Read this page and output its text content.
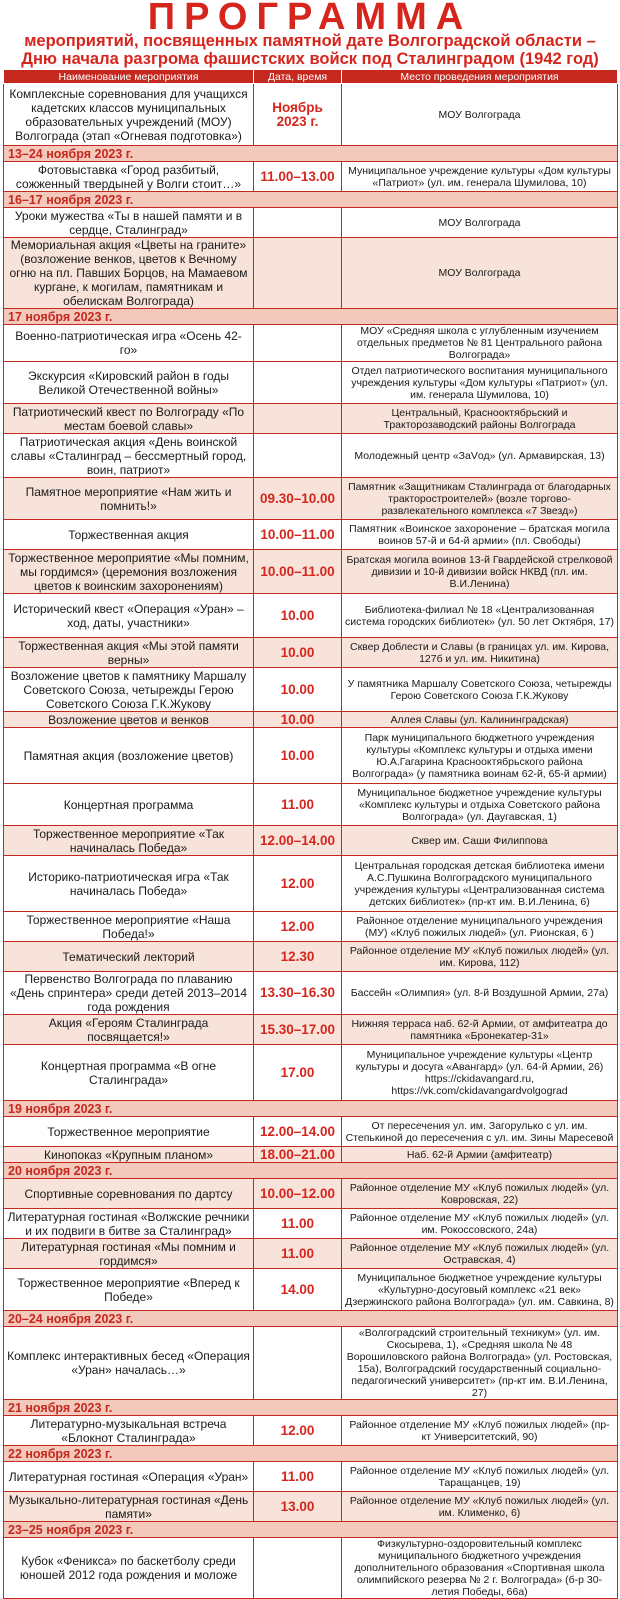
ПРОГРАММА
мероприятий, посвященных памятной дате Волгоградской области –
Дню начала разгрома фашистских войск под Сталинградом (1942 год)
Наименование мероприятия	Дата, время	Место проведения мероприятия
Комплексные соревнования для учащихся кадетских классов муниципальных образовательных учреждений (МОУ) Волгограда (этап «Огневая подготовка»)	Ноябрь 2023 г.	МОУ Волгограда
13–24 ноября 2023 г.		
Фотовыставка «Город разбитый, сожженный твердыней у Волги стоит…»	11.00–13.00	Муниципальное учреждение культуры «Дом культуры «Патриот» (ул. им. генерала Шумилова, 10)
16–17 ноября 2023 г.		
Уроки мужества «Ты в нашей памяти и в сердце, Сталинград»		МОУ Волгограда
Мемориальная акция «Цветы на граните» (возложение венков, цветов к Вечному огню на пл. Павших Борцов, на Мамаевом кургане, к могилам, памятникам и обелискам Волгограда)		МОУ Волгограда
17 ноября 2023 г.		
Военно-патриотическая игра «Осень 42-го»		МОУ «Средняя школа с углубленным изучением отдельных предметов № 81 Центрального района Волгограда»
Экскурсия «Кировский район в годы Великой Отечественной войны»		Отдел патриотического воспитания муниципального учреждения культуры «Дом культуры «Патриот» (ул. им. генерала Шумилова, 10)
Патриотический квест по Волгограду «По местам боевой славы»		Центральный, Краснооктябрьский и Тракторозаводский районы Волгограда
Патриотическая акция «День воинской славы «Сталинград – бессмертный город, воин, патриот»		Молодежный центр «ЗаVод» (ул. Армавирская, 13)
Памятное мероприятие «Нам жить и помнить!»	09.30–10.00	Памятник «Защитникам Сталинграда от благодарных тракторостроителей» (возле торгово-развлекательного комплекса «7 Звезд»)
Торжественная акция	10.00–11.00	Памятник «Воинское захоронение – братская могила воинов 57-й и 64-й армии» (пл. Свободы)
Торжественное мероприятие «Мы помним, мы гордимся» (церемония возложения цветов к воинским захоронениям)	10.00–11.00	Братская могила воинов 13-й Гвардейской стрелковой дивизии и 10-й дивизии войск НКВД (пл. им. В.И.Ленина)
Исторический квест «Операция «Уран» – ход, даты, участники»	10.00	Библиотека-филиал № 18 «Централизованная система городских библиотек» (ул. 50 лет Октября, 17)
Торжественная акция «Мы этой памяти верны»	10.00	Сквер Доблести и Славы (в границах ул. им. Кирова, 127б и ул. им. Никитина)
Возложение цветов к памятнику Маршалу Советского Союза, четырежды Герою Советского Союза Г.К.Жукову	10.00	У памятника Маршалу Советского Союза, четырежды Герою Советского Союза Г.К.Жукову
Возложение цветов и венков	10.00	Аллея Славы (ул. Калининградская)
Памятная акция (возложение цветов)	10.00	Парк муниципального бюджетного учреждения культуры «Комплекс культуры и отдыха имени Ю.А.Гагарина Краснооктябрьского района Волгограда» (у памятника воинам 62-й, 65-й армии)
Концертная программа	11.00	Муниципальное бюджетное учреждение культуры «Комплекс культуры и отдыха Советского района Волгограда» (ул. Даугавская, 1)
Торжественное мероприятие «Так начиналась Победа»	12.00–14.00	Сквер им. Саши Филиппова
Историко-патриотическая игра «Так начиналась Победа»	12.00	Центральная городская детская библиотека имени А.С.Пушкина Волгоградского муниципального учреждения культуры «Централизованная система детских библиотек» (пр-кт им. В.И.Ленина, 6)
Торжественное мероприятие «Наша Победа!»	12.00	Районное отделение муниципального учреждения (МУ) «Клуб пожилых людей» (ул. Рионская, 6 )
Тематический лекторий	12.30	Районное отделение МУ «Клуб пожилых людей» (ул. им. Кирова, 112)
Первенство Волгограда по плаванию «День спринтера» среди детей 2013–2014 года рождения	13.30–16.30	Бассейн «Олимпия» (ул. 8-й Воздушной Армии, 27а)
Акция «Героям Сталинграда посвящается!»	15.30–17.00	Нижняя терраса наб. 62-й Армии, от амфитеатра до памятника «Бронекатер-31»
Концертная программа «В огне Сталинграда»	17.00	Муниципальное учреждение культуры «Центр культуры и досуга «Авангард» (ул. 64-й Армии, 26) https://ckidavangard.ru, https://vk.com/ckidavangardvolgograd
19 ноября 2023 г.		
Торжественное мероприятие	12.00–14.00	От пересечения ул. им. Загорулько с ул. им. Степькиной до пересечения с ул. им. Зины Маресевой
Кинопоказ «Крупным планом»	18.00–21.00	Наб. 62-й Армии (амфитеатр)
20 ноября 2023 г.		
Спортивные соревнования по дартсу	10.00–12.00	Районное отделение МУ «Клуб пожилых людей» (ул. Ковровская, 22)
Литературная гостиная «Волжские речники и их подвиги в битве за Сталинград»	11.00	Районное отделение МУ «Клуб пожилых людей» (ул. им. Рокоссовского, 24а)
Литературная гостиная «Мы помним и гордимся»	11.00	Районное отделение МУ «Клуб пожилых людей» (ул. Остравская, 4)
Торжественное мероприятие «Вперед к Победе»	14.00	Муниципальное бюджетное учреждение культуры «Культурно-досуговый комплекс «21 век» Дзержинского района Волгограда» (ул. им. Савкина, 8)
20–24 ноября 2023 г.		
Комплекс интерактивных бесед «Операция «Уран» началась…»		«Волгоградский строительный техникум» (ул. им. Скосырева, 1), «Средняя школа № 48 Ворошиловского района Волгограда» (ул. Ростовская, 15а), Волгоградский государственный социально-педагогический университет» (пр-кт им. В.И.Ленина, 27)
21 ноября 2023 г.		
Литературно-музыкальная встреча «Блокнот Сталинграда»	12.00	Районное отделение МУ «Клуб пожилых людей» (пр-кт Университетский, 90)
22 ноября 2023 г.		
Литературная гостиная «Операция «Уран»	11.00	Районное отделение МУ «Клуб пожилых людей» (ул. Таращанцев, 19)
Музыкально-литературная гостиная «День памяти»	13.00	Районное отделение МУ «Клуб пожилых людей» (ул. им. Клименко, 6)
23–25 ноября 2023 г.		
Кубок «Феникса» по баскетболу среди юношей 2012 года рождения и моложе		Физкультурно-оздоровительный комплекс муниципального бюджетного учреждения дополнительного образования «Спортивная школа олимпийского резерва № 2 г. Волгограда» (б-р 30-летия Победы, 66а)
